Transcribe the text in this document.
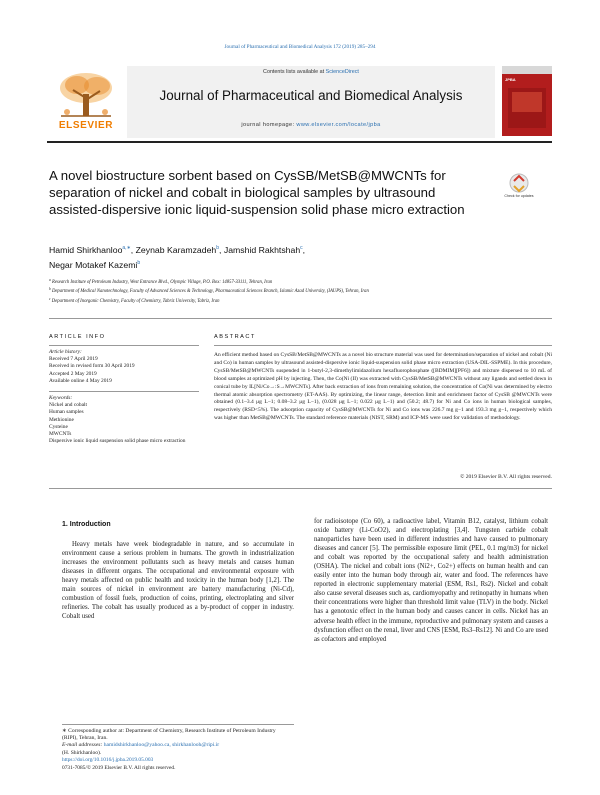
Journal of Pharmaceutical and Biomedical Analysis 172 (2019) 285–294
ELSEVIER
Contents lists available at ScienceDirect
Journal of Pharmaceutical and Biomedical Analysis
journal homepage: www.elsevier.com/locate/jpba
JPBA
A novel biostructure sorbent based on CysSB/MetSB@MWCNTs for separation of nickel and cobalt in biological samples by ultrasound assisted-dispersive ionic liquid-suspension solid phase micro extraction
Check for updates
Hamid Shirkhanloo$^{a,∗}$, Zeynab Karamzadeh$^b$, Jamshid Rakhtshah$^c$,
Negar Motakef Kazemi$^b$
$^a$ Research Institute of Petroleum Industry, West Entrance Blvd., Olympic Village, P.O. Box: 14857-33111, Tehran, Iran
$^b$ Department of Medical Nanotechnology, Faculty of Advanced Sciences & Technology, Pharmaceutical Sciences Branch, Islamic Azad University, (IAUPS), Tehran, Iran
$^c$ Department of Inorganic Chemistry, Faculty of Chemistry, Tabriz University, Tabriz, Iran
ARTICLE INFO	ABSTRACT
Article history:
Received 7 April 2019
Received in revised form 30 April 2019
Accepted 2 May 2019
Available online 4 May 2019
Keywords:
Nickel and cobalt
Human samples
Methionine
Cysteine
MWCNTs
Dispersive ionic liquid suspension solid phase micro extraction
An efficient method based on CysSB/MetSB@MWCNTs as a novel bio structure material was used for determination/separation of nickel and cobalt (Ni and Co) in human samples by ultrasound assisted-dispersive ionic liquid-suspension solid phase micro extraction (USA-DIL-SSPME). In this procedure, CysSB/MetSB@MWCNTs suspended in 1-butyl-2,3-dimethylimidazolium hexafluorophosphate ([BDMIM][PF6]) and mixture dispersed to 10 mL of blood samples at optimized pH by injecting. Then, the Co(Ni (II) was extracted with CysSB/MetSB@MWCNTs without any ligands and settled down in conical tube by IL[Ni/Co→:S→MWCNTs]. After back extraction of ions from remaining solution, the concentration of Co(Ni was determined by electro thermal atomic absorption spectrometry (ET-AAS). By optimizing, the linear range, detection limit and enrichment factor of CysSB @MWCNTs were obtained (0.1–3.4 μg L−1; 0.08–3.2 μg L−1), (0.028 μg L−1; 0.022 μg L−1) and (50.2; 48.7) for Ni and Co ions in human biological samples, respectively (RSD<5%). The adsorption capacity of CysSB@MWCNTs for Ni and Co ions was 226.7 mg g−1 and 193.3 mg g−1, respectively which was higher than MetSB@MWCNTs. The standard reference materials (NIST, SRM) and ICP-MS were used for validation of methodology.
© 2019 Elsevier B.V. All rights reserved.
1. Introduction
Heavy metals have week biodegradable in nature, and so accumulate in environment cause a serious problem in humans. The growth in industrialization increases the environment pollutants such as heavy metals and causes human diseases in different organs. The occupational and environmental exposure with heavy metals affected on public health and toxicity in the human body [1,2]. The main sources of nickel in environment are battery manufacturing (Ni-Cd), combustion of fossil fuels, production of coins, printing, electroplating and silver refineries. The cobalt has usually produced as a by-product of copper in industry. Cobalt used
for radioisotope (Co 60), a radioactive label, Vitamin B12, catalyst, lithium cobalt oxide battery (Li-CoO2), and electroplating [3,4]. Tungsten carbide cobalt nanoparticles have been used in different industries and have caused to pulmonary diseases and cancer [5]. The permissible exposure limit (PEL, 0.1 mg/m3) for nickel and cobalt was reported by the occupational safety and health administration (OSHA). The nickel and cobalt ions (Ni2+, Co2+) effects on human health and can easily enter into the human body through air, water and food. The references have reported in electronic supplementary material (ESM, Rs1, Rs2). Nickel and cobalt also cause several diseases such as, cardiomyopathy and retinopathy in humans when their concentrations were higher than threshold limit value (TLV) in the body. Nickel has a genotoxic effect in the human body and causes cancer in cells. Nickel has an adverse health effect in the immune, reproductive and pulmonary system and causes a dysfunction effect on the renal, liver and CNS [ESM, Rs3–Rs12]. Ni and Co are used as cofactors and employed
∗ Corresponding author at: Department of Chemistry, Research Institute of Petroleum Industry (RIPI), Tehran, Iran.
E-mail addresses: hamidshirkhanloo@yahoo.ca, shirkhanlooh@ripi.ir
(H. Shirkhanloo).
https://doi.org/10.1016/j.jpba.2019.05.003
0731-7085/© 2019 Elsevier B.V. All rights reserved.
